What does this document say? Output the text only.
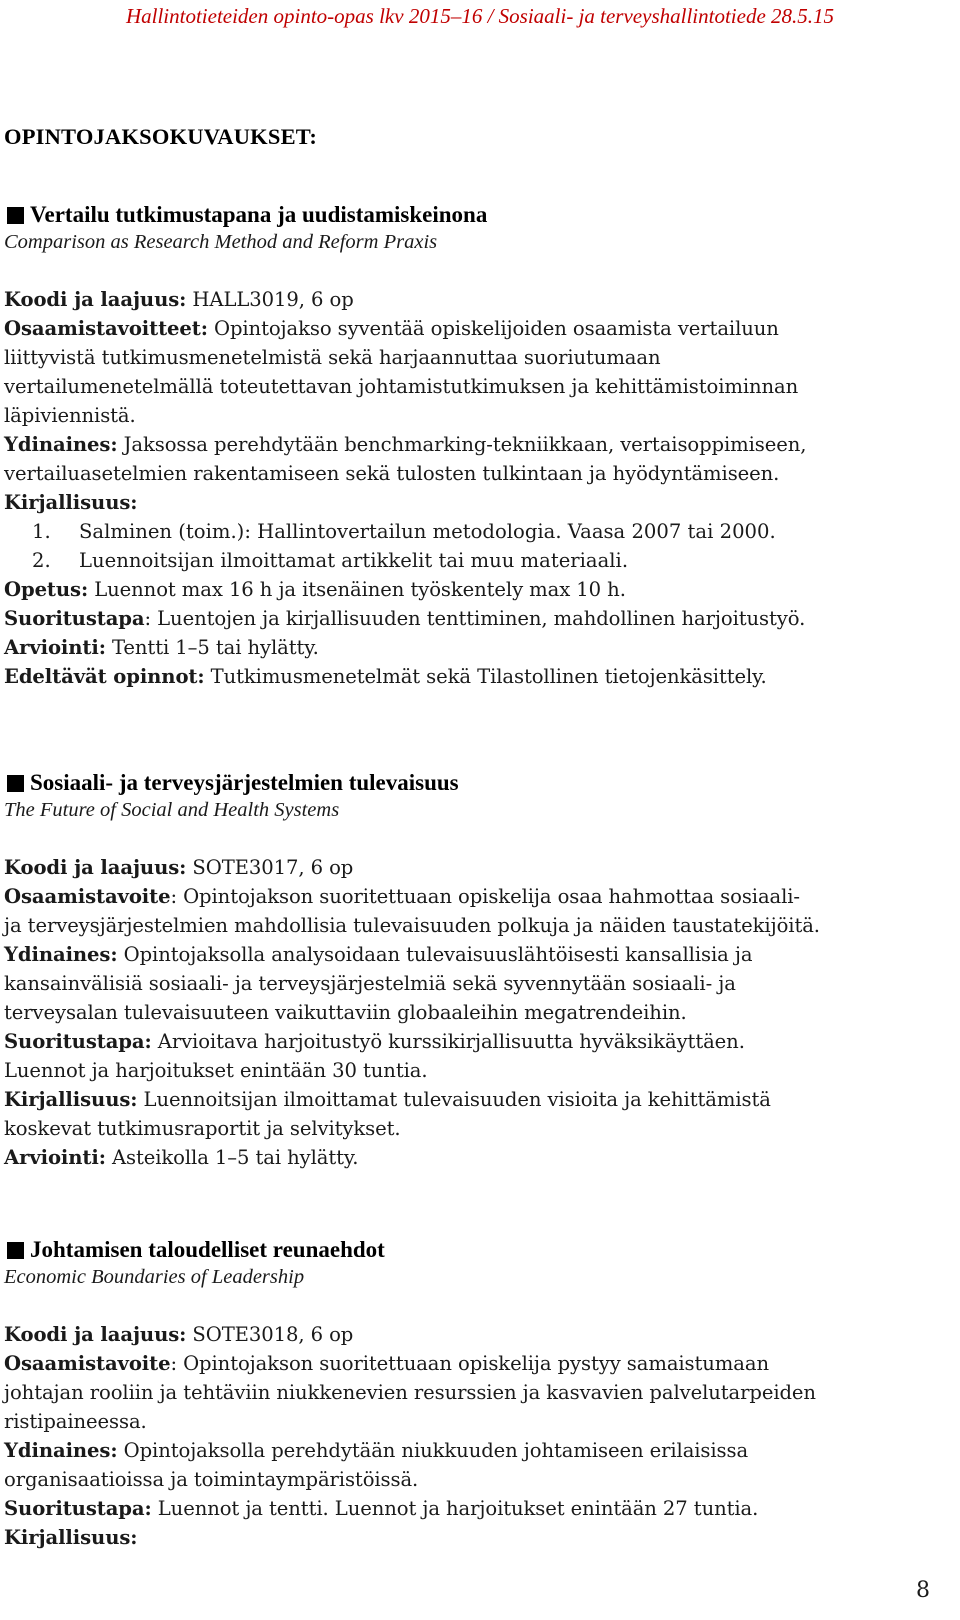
Hallintotieteiden opinto-opas lkv 2015–16 / Sosiaali- ja terveyshallintotiede 28.5.15
OPINTOJAKSOKUVAUKSET:
Vertailu tutkimustapana ja uudistamiskeinona

Comparison as Research Method and Reform Praxis

Koodi ja laajuus: HALL3019, 6 op

Osaamistavoitteet: Opintojakso syventää opiskelijoiden osaamista vertailuun

liittyvistä tutkimusmenetelmistä sekä harjaannuttaa suoriutumaan

vertailumenetelmällä toteutettavan johtamistutkimuksen ja kehittämistoiminnan

läpiviennistä.

Ydinaines: Jaksossa perehdytään benchmarking-tekniikkaan, vertaisoppimiseen,

vertailuasetelmien rakentamiseen sekä tulosten tulkintaan ja hyödyntämiseen.

Kirjallisuus:

1. Salminen (toim.): Hallintovertailun metodologia. Vaasa 2007 tai 2000.

2. Luennoitsijan ilmoittamat artikkelit tai muu materiaali.

Opetus: Luennot max 16 h ja itsenäinen työskentely max 10 h.

Suoritustapa: Luentojen ja kirjallisuuden tenttiminen, mahdollinen harjoitustyö.

Arviointi: Tentti 1–5 tai hylätty.

Edeltävät opinnot: Tutkimusmenetelmät sekä Tilastollinen tietojenkäsittely.

Sosiaali- ja terveysjärjestelmien tulevaisuus

The Future of Social and Health Systems

Koodi ja laajuus: SOTE3017, 6 op

Osaamistavoite: Opintojakson suoritettuaan opiskelija osaa hahmottaa sosiaali-

ja terveysjärjestelmien mahdollisia tulevaisuuden polkuja ja näiden taustatekijöitä.

Ydinaines: Opintojaksolla analysoidaan tulevaisuuslähtöisesti kansallisia ja

kansainvälisiä sosiaali- ja terveysjärjestelmiä sekä syvennytään sosiaali- ja

terveysalan tulevaisuuteen vaikuttaviin globaaleihin megatrendeihin.

Suoritustapa: Arvioitava harjoitustyö kurssikirjallisuutta hyväksikäyttäen.

Luennot ja harjoitukset enintään 30 tuntia.

Kirjallisuus: Luennoitsijan ilmoittamat tulevaisuuden visioita ja kehittämistä

koskevat tutkimusraportit ja selvitykset.

Arviointi: Asteikolla 1–5 tai hylätty.

Johtamisen taloudelliset reunaehdot

Economic Boundaries of Leadership

Koodi ja laajuus: SOTE3018, 6 op

Osaamistavoite: Opintojakson suoritettuaan opiskelija pystyy samaistumaan

johtajan rooliin ja tehtäviin niukkenevien resurssien ja kasvavien palvelutarpeiden

ristipaineessa.

Ydinaines: Opintojaksolla perehdytään niukkuuden johtamiseen erilaisissa

organisaatioissa ja toimintaympäristöissä.

Suoritustapa: Luennot ja tentti. Luennot ja harjoitukset enintään 27 tuntia.

Kirjallisuus:

8
